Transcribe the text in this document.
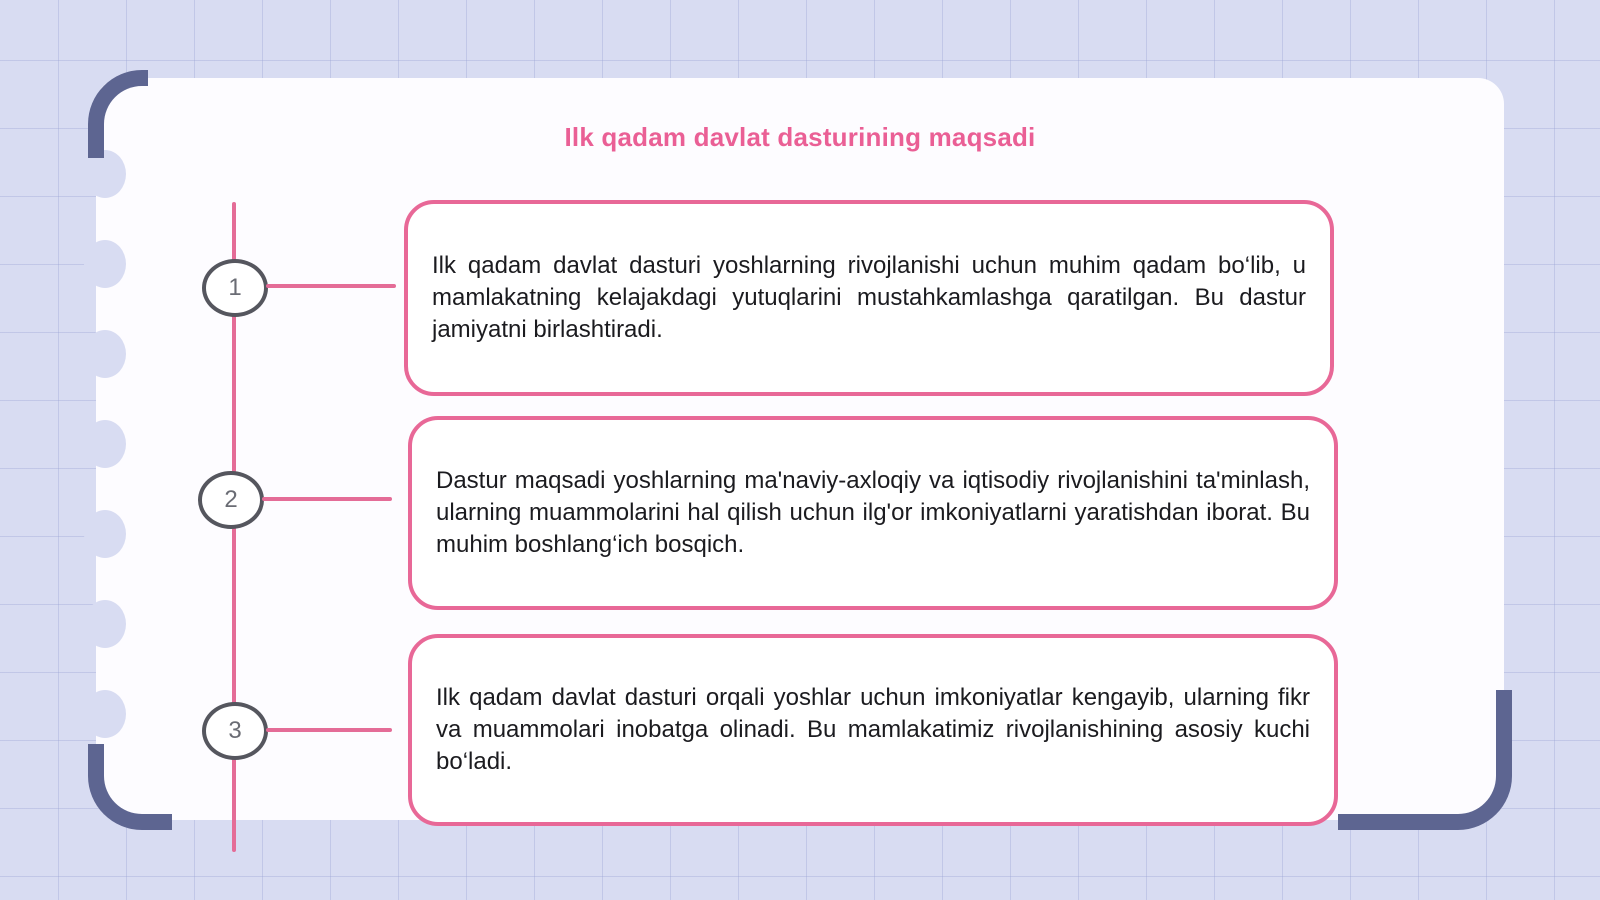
Ilk qadam davlat dasturining maqsadi
1

Ilk qadam davlat dasturi yoshlarning rivojlanishi uchun muhim qadam bo‘lib, u mamlakatning kelajakdagi yutuqlarini mustahkamlashga qaratilgan. Bu dastur jamiyatni birlashtiradi.

2

Dastur maqsadi yoshlarning ma'naviy-axloqiy va iqtisodiy rivojlanishini ta'minlash, ularning muammolarini hal qilish uchun ilg'or imkoniyatlarni yaratishdan iborat. Bu muhim boshlang‘ich bosqich.

3

Ilk qadam davlat dasturi orqali yoshlar uchun imkoniyatlar kengayib, ularning fikr va muammolari inobatga olinadi. Bu mamlakatimiz rivojlanishining asosiy kuchi bo‘ladi.
